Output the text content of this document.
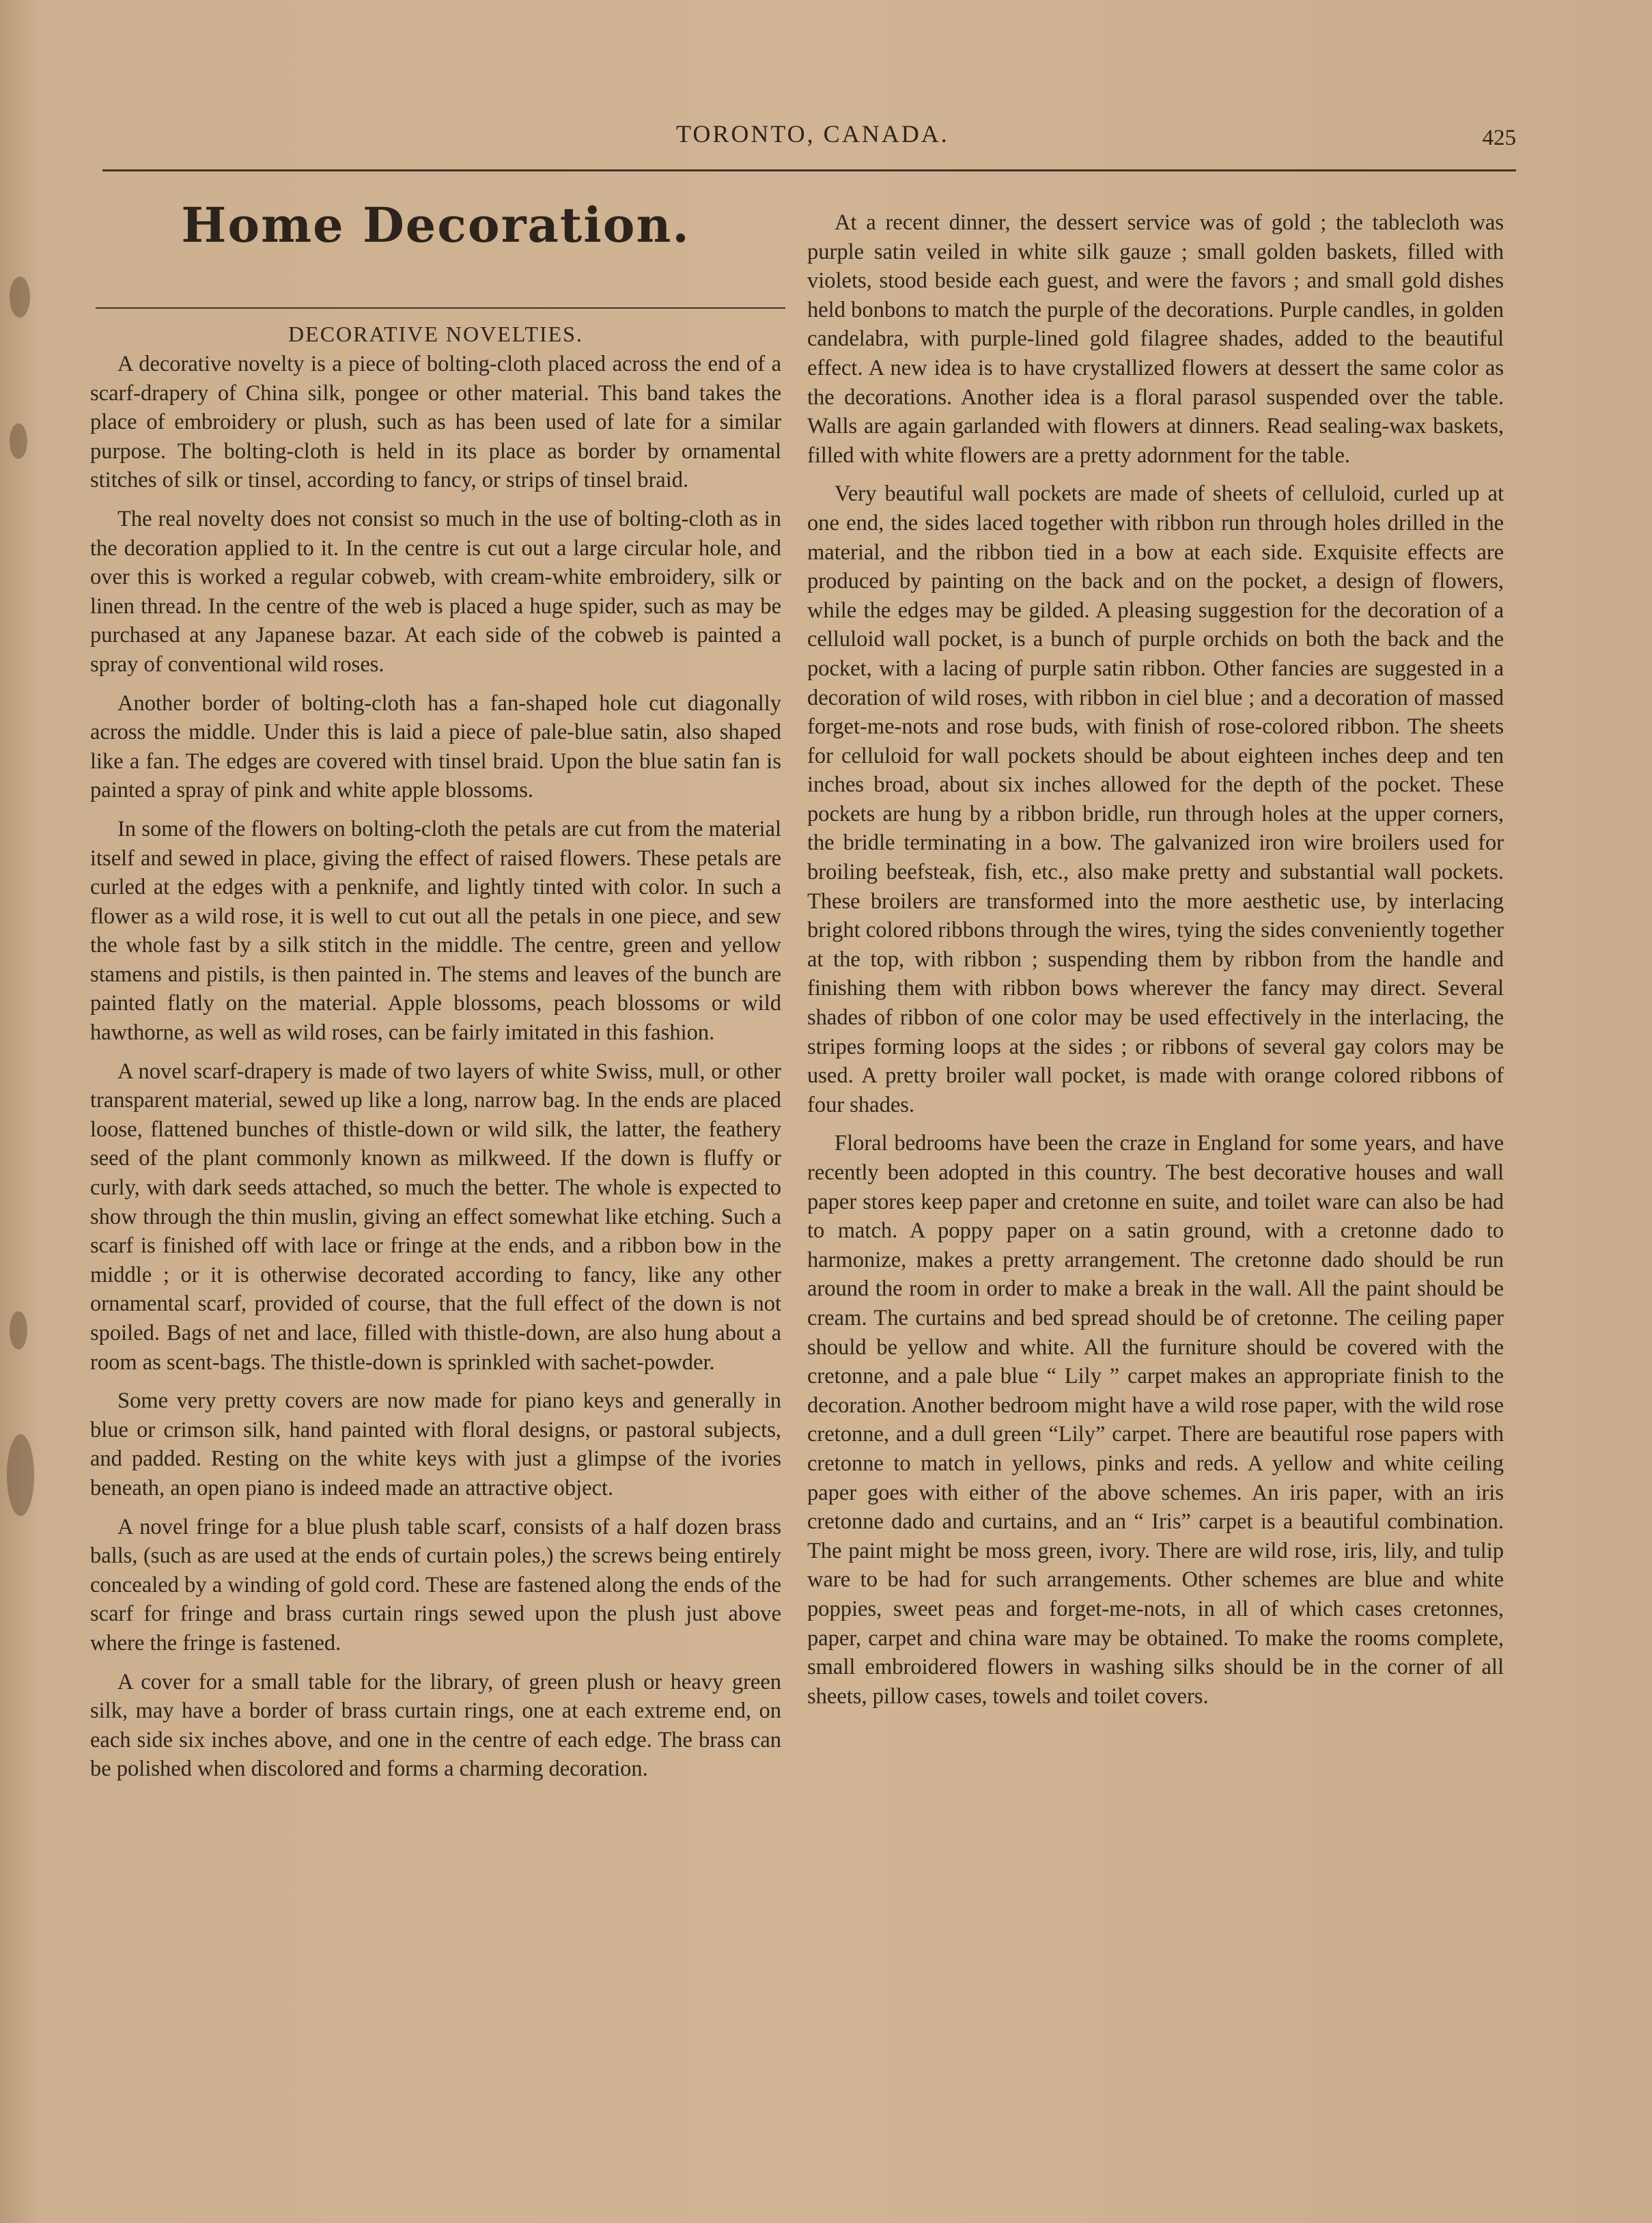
TORONTO, CANADA.	425
Home Decoration.
DECORATIVE NOVELTIES.

A decorative novelty is a piece of bolting-cloth placed across the end of a scarf-drapery of China silk, pongee or other material. This band takes the place of embroidery or plush, such as has been used of late for a similar purpose. The bolting-cloth is held in its place as border by ornamental stitches of silk or tinsel, according to fancy, or strips of tinsel braid.

The real novelty does not consist so much in the use of bolting-cloth as in the decoration applied to it. In the centre is cut out a large circular hole, and over this is worked a regular cobweb, with cream-white embroidery, silk or linen thread. In the centre of the web is placed a huge spider, such as may be purchased at any Japanese bazar. At each side of the cobweb is painted a spray of conventional wild roses.

Another border of bolting-cloth has a fan-shaped hole cut diagonally across the middle. Under this is laid a piece of pale-blue satin, also shaped like a fan. The edges are covered with tinsel braid. Upon the blue satin fan is painted a spray of pink and white apple blossoms.

In some of the flowers on bolting-cloth the petals are cut from the material itself and sewed in place, giving the effect of raised flowers. These petals are curled at the edges with a penknife, and lightly tinted with color. In such a flower as a wild rose, it is well to cut out all the petals in one piece, and sew the whole fast by a silk stitch in the middle. The centre, green and yellow stamens and pistils, is then painted in. The stems and leaves of the bunch are painted flatly on the material. Apple blossoms, peach blossoms or wild hawthorne, as well as wild roses, can be fairly imitated in this fashion.

A novel scarf-drapery is made of two layers of white Swiss, mull, or other transparent material, sewed up like a long, narrow bag. In the ends are placed loose, flattened bunches of thistle-down or wild silk, the latter, the feathery seed of the plant commonly known as milkweed. If the down is fluffy or curly, with dark seeds attached, so much the better. The whole is expected to show through the thin muslin, giving an effect somewhat like etching. Such a scarf is finished off with lace or fringe at the ends, and a ribbon bow in the middle ; or it is otherwise decorated according to fancy, like any other ornamental scarf, provided of course, that the full effect of the down is not spoiled. Bags of net and lace, filled with thistle-down, are also hung about a room as scent-bags. The thistle-down is sprinkled with sachet-powder.

Some very pretty covers are now made for piano keys and generally in blue or crimson silk, hand painted with floral designs, or pastoral subjects, and padded. Resting on the white keys with just a glimpse of the ivories beneath, an open piano is indeed made an attractive object.

A novel fringe for a blue plush table scarf, consists of a half dozen brass balls, (such as are used at the ends of curtain poles,) the screws being entirely concealed by a winding of gold cord. These are fastened along the ends of the scarf for fringe and brass curtain rings sewed upon the plush just above where the fringe is fastened.

A cover for a small table for the library, of green plush or heavy green silk, may have a border of brass curtain rings, one at each extreme end, on each side six inches above, and one in the centre of each edge. The brass can be polished when discolored and forms a charming decoration.

At a recent dinner, the dessert service was of gold ; the tablecloth was purple satin veiled in white silk gauze ; small golden baskets, filled with violets, stood beside each guest, and were the favors ; and small gold dishes held bonbons to match the purple of the decorations. Purple candles, in golden candelabra, with purple-lined gold filagree shades, added to the beautiful effect. A new idea is to have crystallized flowers at dessert the same color as the decorations. Another idea is a floral parasol suspended over the table. Walls are again garlanded with flowers at dinners. Read sealing-wax baskets, filled with white flowers are a pretty adornment for the table.

Very beautiful wall pockets are made of sheets of celluloid, curled up at one end, the sides laced together with ribbon run through holes drilled in the material, and the ribbon tied in a bow at each side. Exquisite effects are produced by painting on the back and on the pocket, a design of flowers, while the edges may be gilded. A pleasing suggestion for the decoration of a celluloid wall pocket, is a bunch of purple orchids on both the back and the pocket, with a lacing of purple satin ribbon. Other fancies are suggested in a decoration of wild roses, with ribbon in ciel blue ; and a decoration of massed forget-me-nots and rose buds, with finish of rose-colored ribbon. The sheets for celluloid for wall pockets should be about eighteen inches deep and ten inches broad, about six inches allowed for the depth of the pocket. These pockets are hung by a ribbon bridle, run through holes at the upper corners, the bridle terminating in a bow. The galvanized iron wire broilers used for broiling beefsteak, fish, etc., also make pretty and substantial wall pockets. These broilers are transformed into the more aesthetic use, by interlacing bright colored ribbons through the wires, tying the sides conveniently together at the top, with ribbon ; suspending them by ribbon from the handle and finishing them with ribbon bows wherever the fancy may direct. Several shades of ribbon of one color may be used effectively in the interlacing, the stripes forming loops at the sides ; or ribbons of several gay colors may be used. A pretty broiler wall pocket, is made with orange colored ribbons of four shades.

Floral bedrooms have been the craze in England for some years, and have recently been adopted in this country. The best decorative houses and wall paper stores keep paper and cretonne en suite, and toilet ware can also be had to match. A poppy paper on a satin ground, with a cretonne dado to harmonize, makes a pretty arrangement. The cretonne dado should be run around the room in order to make a break in the wall. All the paint should be cream. The curtains and bed spread should be of cretonne. The ceiling paper should be yellow and white. All the furniture should be covered with the cretonne, and a pale blue “ Lily ” carpet makes an appropriate finish to the decoration. Another bedroom might have a wild rose paper, with the wild rose cretonne, and a dull green “Lily” carpet. There are beautiful rose papers with cretonne to match in yellows, pinks and reds. A yellow and white ceiling paper goes with either of the above schemes. An iris paper, with an iris cretonne dado and curtains, and an “ Iris” carpet is a beautiful combination. The paint might be moss green, ivory. There are wild rose, iris, lily, and tulip ware to be had for such arrangements. Other schemes are blue and white poppies, sweet peas and forget-me-nots, in all of which cases cretonnes, paper, carpet and china ware may be obtained. To make the rooms complete, small embroidered flowers in washing silks should be in the corner of all sheets, pillow cases, towels and toilet covers.
